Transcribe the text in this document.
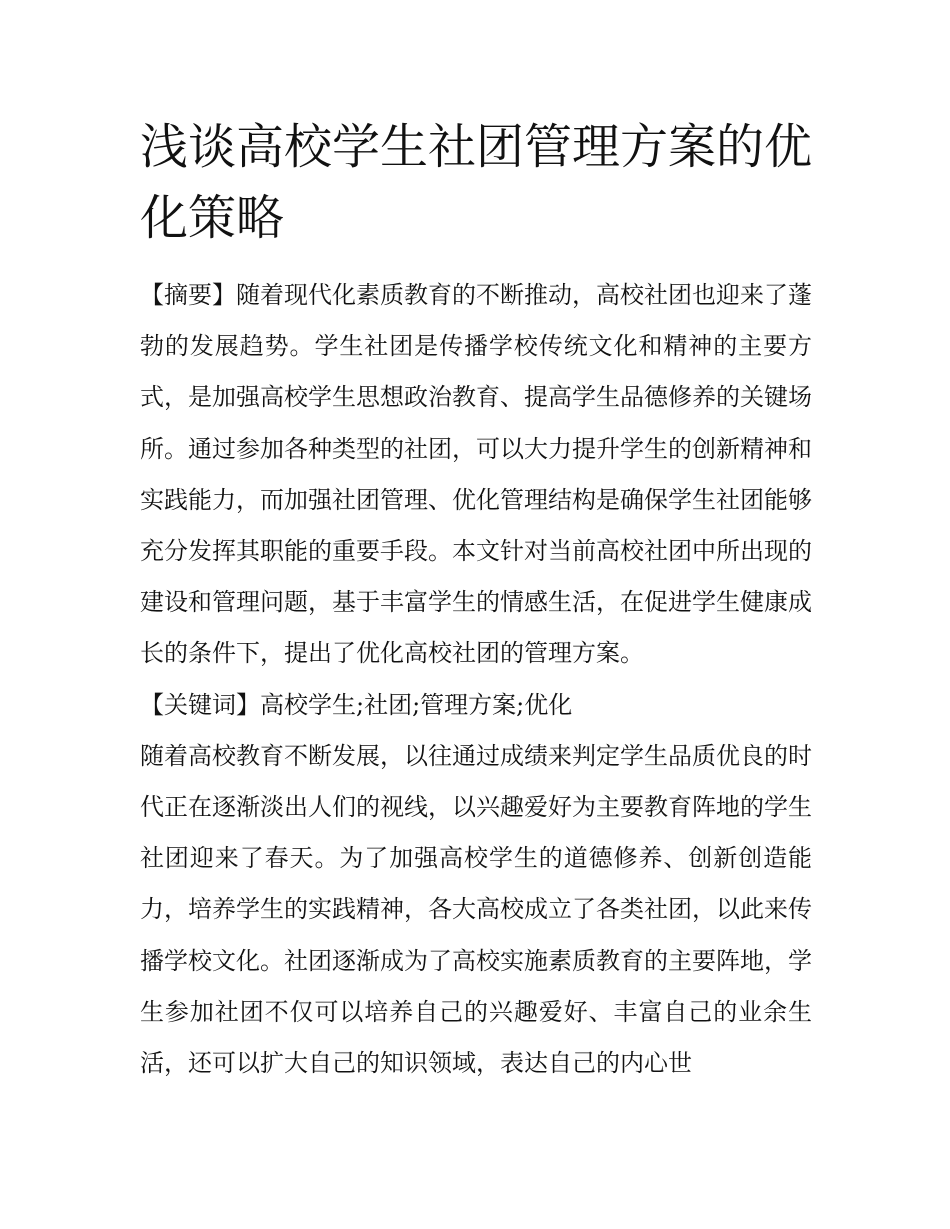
浅谈高校学生社团管理方案的优化策略

【摘要】随着现代化素质教育的不断推动，高校社团也迎来了蓬勃的发展趋势。学生社团是传播学校传统文化和精神的主要方式，是加强高校学生思想政治教育、提高学生品德修养的关键场所。通过参加各种类型的社团，可以大力提升学生的创新精神和实践能力，而加强社团管理、优化管理结构是确保学生社团能够充分发挥其职能的重要手段。本文针对当前高校社团中所出现的建设和管理问题，基于丰富学生的情感生活，在促进学生健康成长的条件下，提出了优化高校社团的管理方案。

【关键词】高校学生;社团;管理方案;优化

随着高校教育不断发展，以往通过成绩来判定学生品质优良的时代正在逐渐淡出人们的视线，以兴趣爱好为主要教育阵地的学生社团迎来了春天。为了加强高校学生的道德修养、创新创造能力，培养学生的实践精神，各大高校成立了各类社团，以此来传播学校文化。社团逐渐成为了高校实施素质教育的主要阵地，学生参加社团不仅可以培养自己的兴趣爱好、丰富自己的业余生活，还可以扩大自己的知识领域，表达自己的内心世
